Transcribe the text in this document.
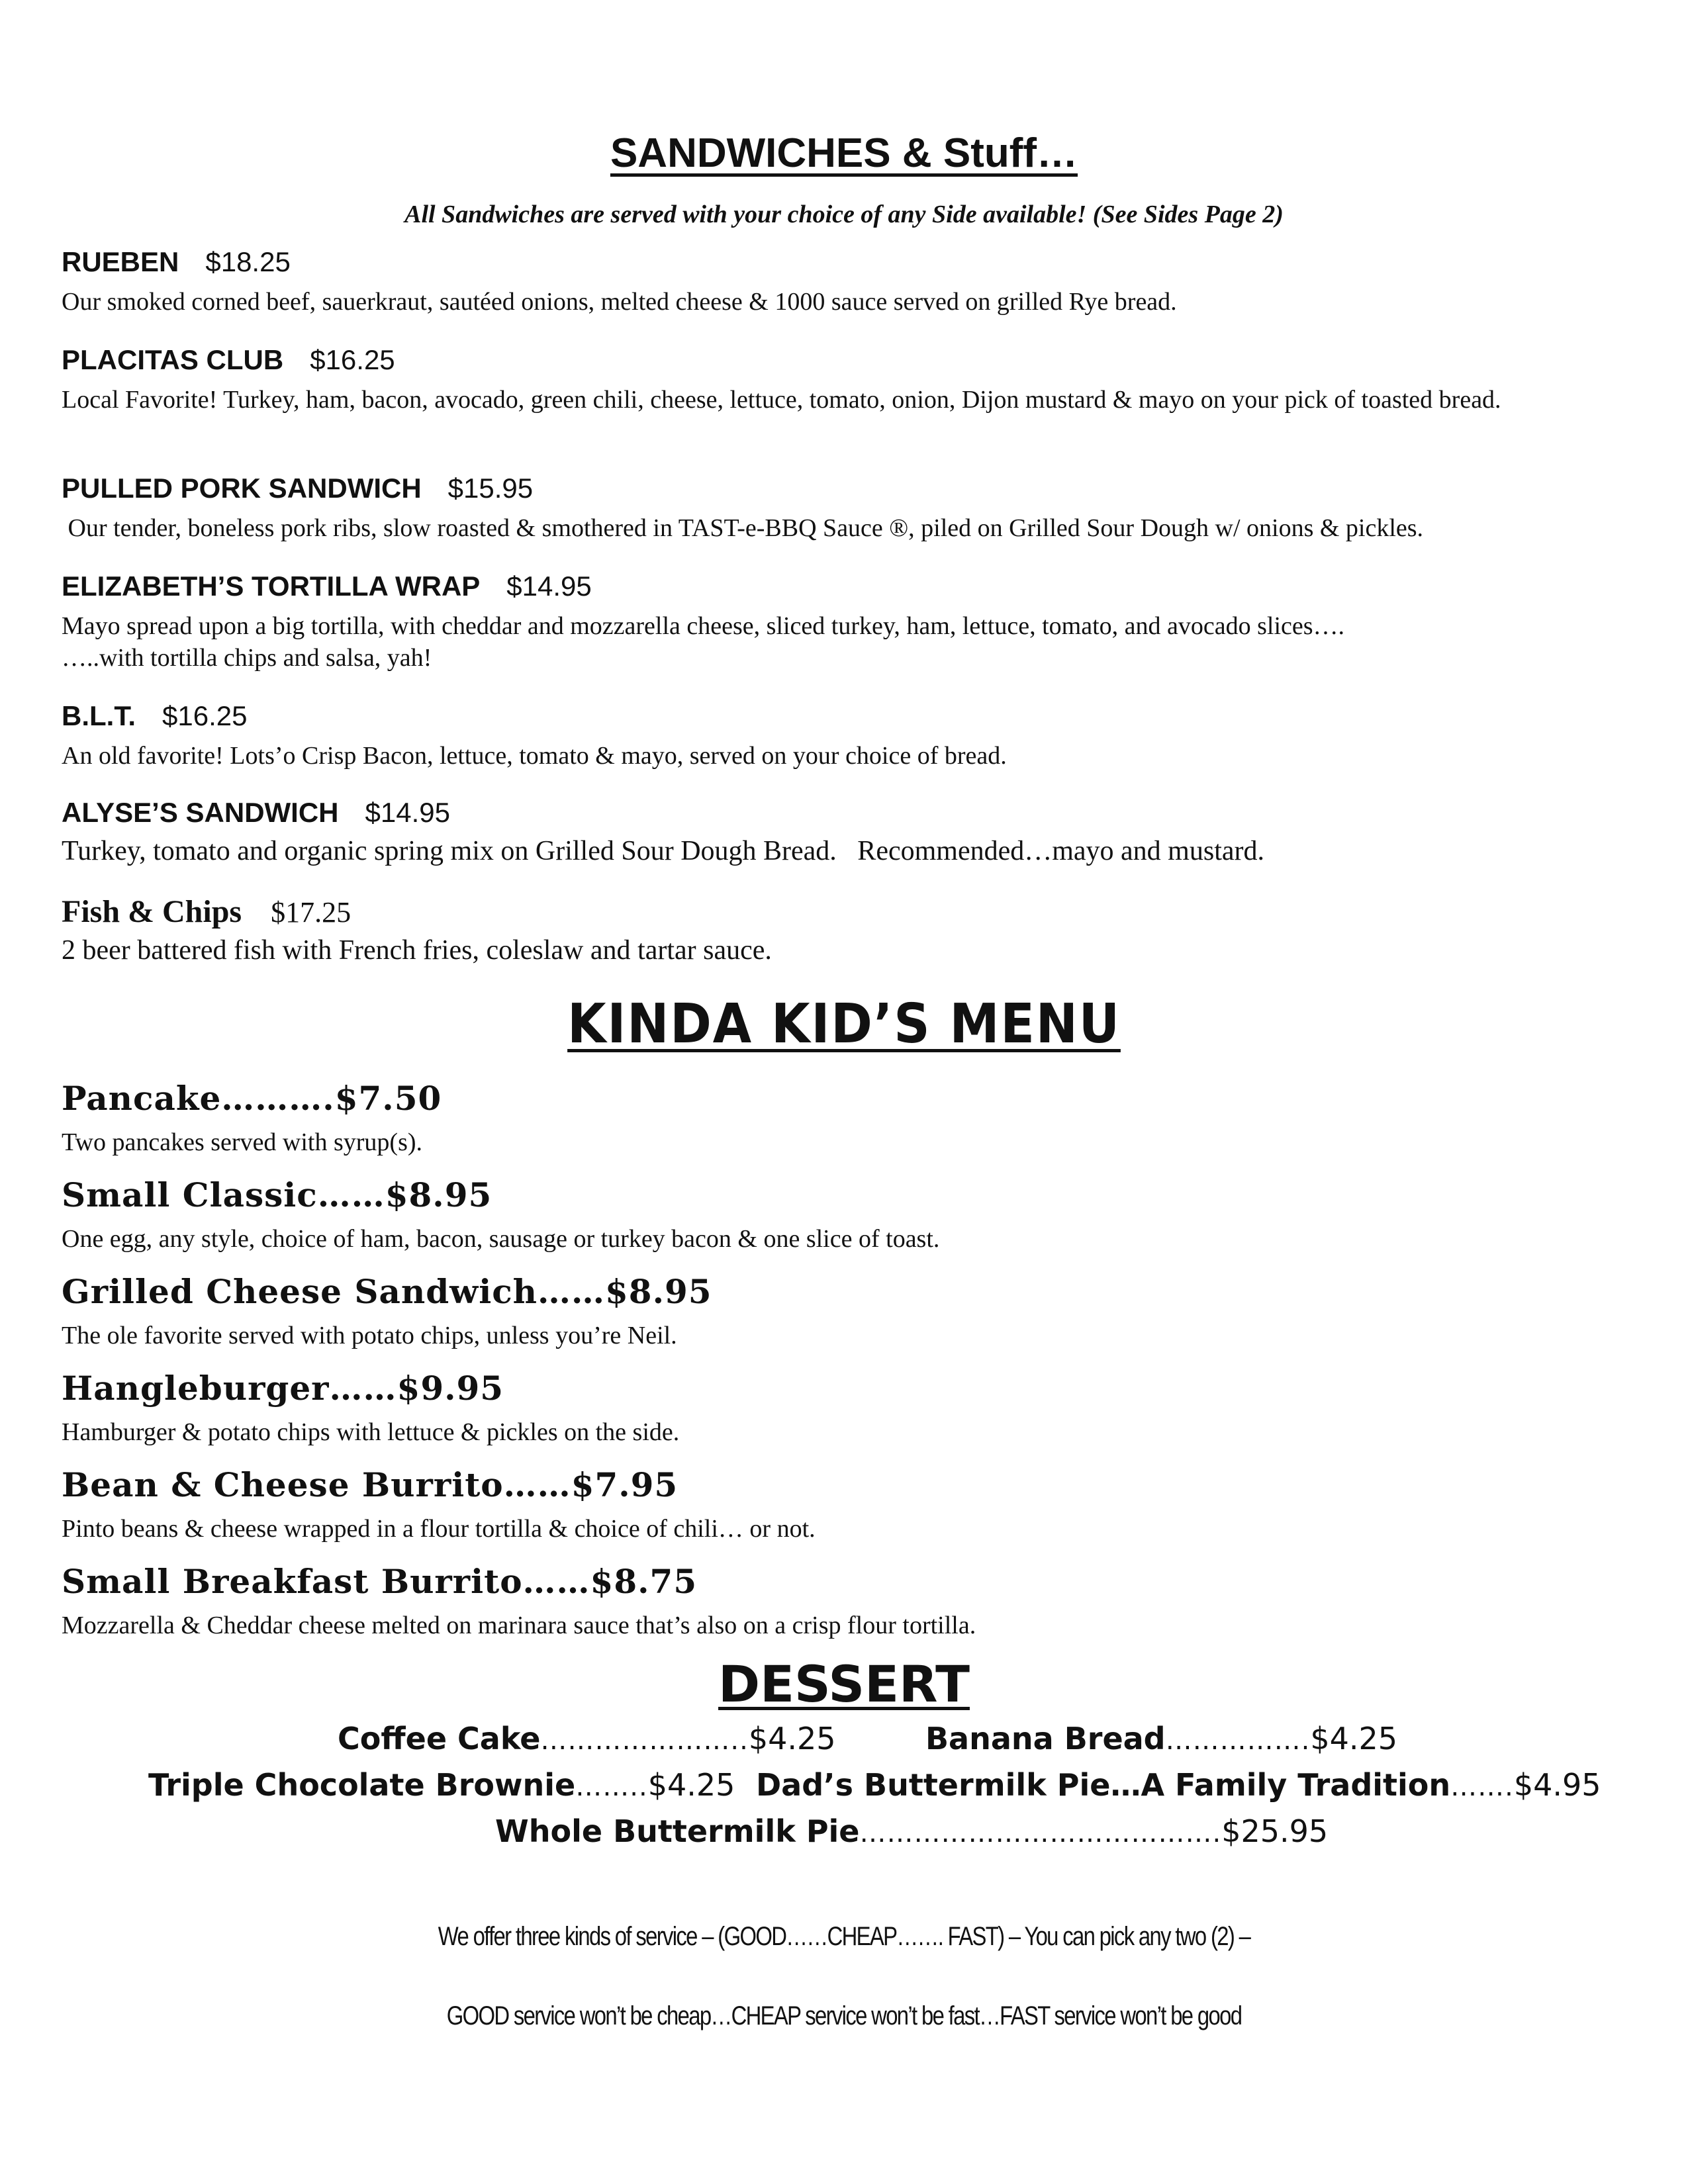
SANDWICHES & Stuff…
All Sandwiches are served with your choice of any Side available! (See Sides Page 2)
RUEBEN $18.25
Our smoked corned beef, sauerkraut, sautéed onions, melted cheese & 1000 sauce served on grilled Rye bread.
PLACITAS CLUB $16.25
Local Favorite! Turkey, ham, bacon, avocado, green chili, cheese, lettuce, tomato, onion, Dijon mustard & mayo on your pick of toasted bread.
PULLED PORK SANDWICH $15.95
Our tender, boneless pork ribs, slow roasted & smothered in TAST-e-BBQ Sauce ®, piled on Grilled Sour Dough w/ onions & pickles.
ELIZABETH’S TORTILLA WRAP $14.95
Mayo spread upon a big tortilla, with cheddar and mozzarella cheese, sliced turkey, ham, lettuce, tomato, and avocado slices….
…..with tortilla chips and salsa, yah!
B.L.T. $16.25
An old favorite! Lots’o Crisp Bacon, lettuce, tomato & mayo, served on your choice of bread.
ALYSE’S SANDWICH $14.95
Turkey, tomato and organic spring mix on Grilled Sour Dough Bread.   Recommended…mayo and mustard.
Fish & Chips $17.25
2 beer battered fish with French fries, coleslaw and tartar sauce.
KINDA KID’S MENU
Pancake……….$7.50
Two pancakes served with syrup(s).
Small Classic……$8.95
One egg, any style, choice of ham, bacon, sausage or turkey bacon & one slice of toast.
Grilled Cheese Sandwich……$8.95
The ole favorite served with potato chips, unless you’re Neil.
Hangleburger……$9.95
Hamburger & potato chips with lettuce & pickles on the side.
Bean & Cheese Burrito……$7.95
Pinto beans & cheese wrapped in a flour tortilla & choice of chili… or not.
Small Breakfast Burrito……$8.75
Mozzarella & Cheddar cheese melted on marinara sauce that’s also on a crisp flour tortilla.
DESSERT
Coffee Cake…………………..$4.25	Banana Bread…………….$4.25
Triple Chocolate Brownie……..$4.25 Dad’s Buttermilk Pie…A Family Tradition…….$4.95
Whole Buttermilk Pie………………………………….$25.95
We offer three kinds of service – (GOOD……CHEAP……. FAST) – You can pick any two (2) –
GOOD service won’t be cheap…CHEAP service won’t be fast…FAST service won’t be good
